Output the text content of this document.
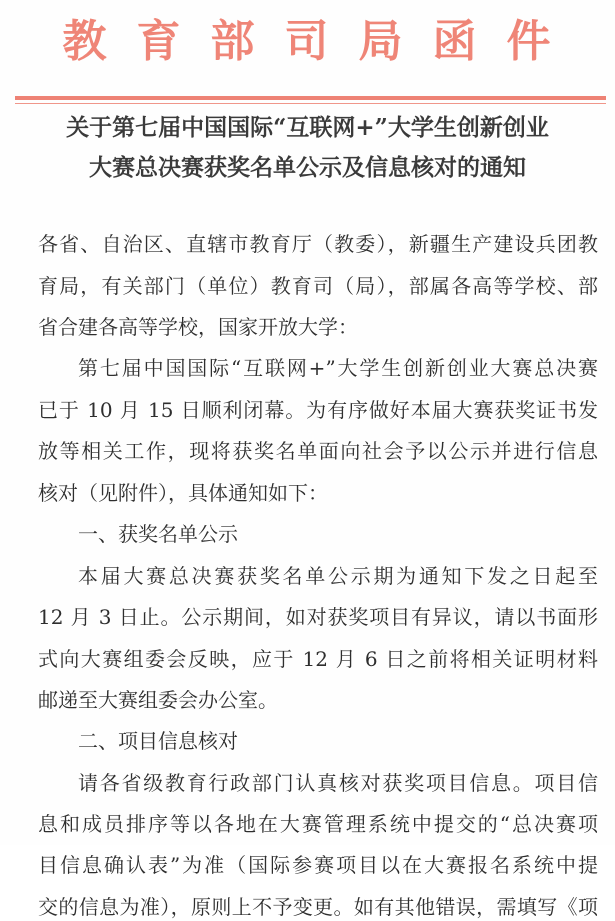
教育部司局函件
关于第七届中国国际“互联网+”大学生创新创业
大赛总决赛获奖名单公示及信息核对的通知
各省、自治区、直辖市教育厅（教委），新疆生产建设兵团教
育局，有关部门（单位）教育司（局），部属各高等学校、部
省合建各高等学校，国家开放大学：
第七届中国国际“互联网+”大学生创新创业大赛总决赛
已于 10 月 15 日顺利闭幕。为有序做好本届大赛获奖证书发
放等相关工作，现将获奖名单面向社会予以公示并进行信息
核对（见附件），具体通知如下：
一、获奖名单公示
本届大赛总决赛获奖名单公示期为通知下发之日起至
12 月 3 日止。公示期间，如对获奖项目有异议，请以书面形
式向大赛组委会反映，应于 12 月 6 日之前将相关证明材料
邮递至大赛组委会办公室。
二、项目信息核对
请各省级教育行政部门认真核对获奖项目信息。项目信
息和成员排序等以各地在大赛管理系统中提交的“总决赛项
目信息确认表”为准（国际参赛项目以在大赛报名系统中提
交的信息为准），原则上不予变更。如有其他错误，需填写《项
